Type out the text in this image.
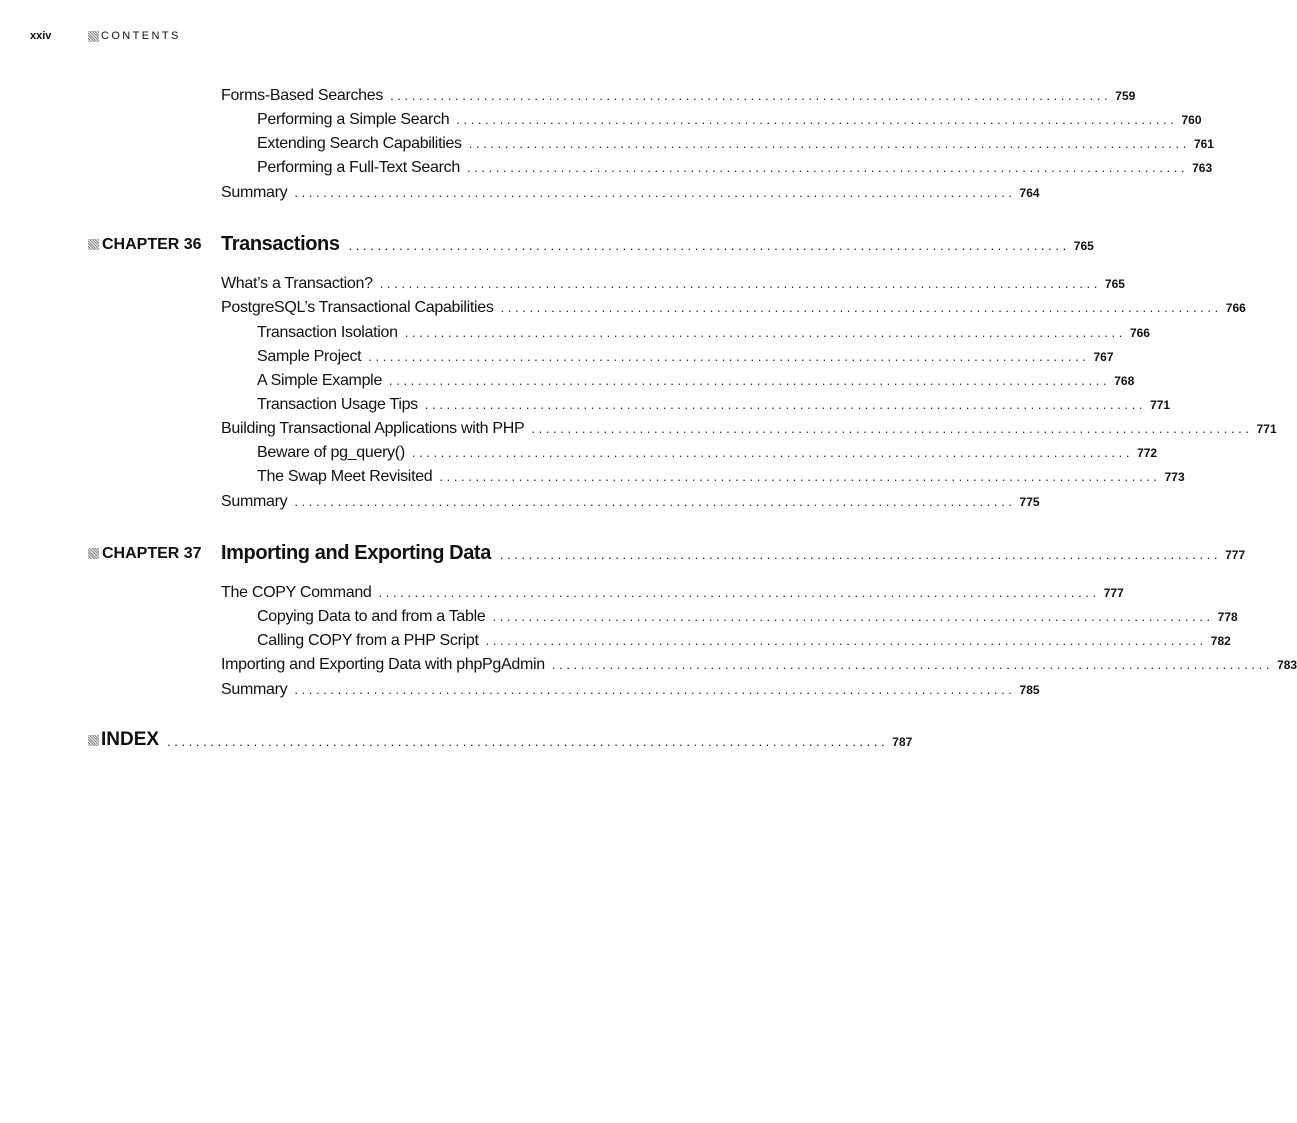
xxiv	CONTENTS
Forms-Based Searches .................................................................................................... 759
Performing a Simple Search .................................................................................................... 760
Extending Search Capabilities .................................................................................................... 761
Performing a Full-Text Search .................................................................................................... 763
Summary .................................................................................................... 764
CHAPTER 36 Transactions .................................................................................................... 765
What’s a Transaction? .................................................................................................... 765
PostgreSQL’s Transactional Capabilities .................................................................................................... 766
Transaction Isolation .................................................................................................... 766
Sample Project .................................................................................................... 767
A Simple Example .................................................................................................... 768
Transaction Usage Tips .................................................................................................... 771
Building Transactional Applications with PHP .................................................................................................... 771
Beware of pg_query() .................................................................................................... 772
The Swap Meet Revisited .................................................................................................... 773
Summary .................................................................................................... 775
CHAPTER 37 Importing and Exporting Data .................................................................................................... 777
The COPY Command .................................................................................................... 777
Copying Data to and from a Table .................................................................................................... 778
Calling COPY from a PHP Script .................................................................................................... 782
Importing and Exporting Data with phpPgAdmin .................................................................................................... 783
Summary .................................................................................................... 785
INDEX .................................................................................................... 787
